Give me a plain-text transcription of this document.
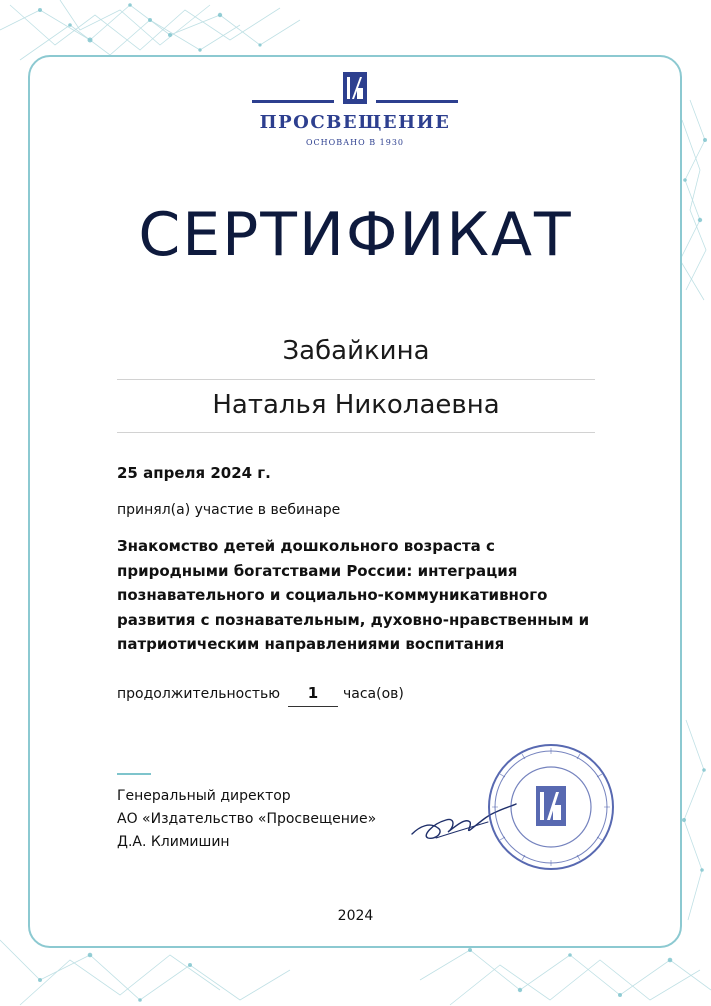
ПРОСВЕЩЕНИЕ
ОСНОВАНО В 1930
СЕРТИФИКАТ
Забайкина
Наталья Николаевна
25 апреля 2024 г.
принял(а) участие в вебинаре
Знакомство детей дошкольного возраста с природными богатствами России: интеграция познавательного и социально-коммуникативного развития с познавательным, духовно-нравственным и патриотическим направлениями воспитания
продолжительностью	1	часа(ов)
Генеральный директор
АО «Издательство «Просвещение»
Д.А. Климишин
2024
